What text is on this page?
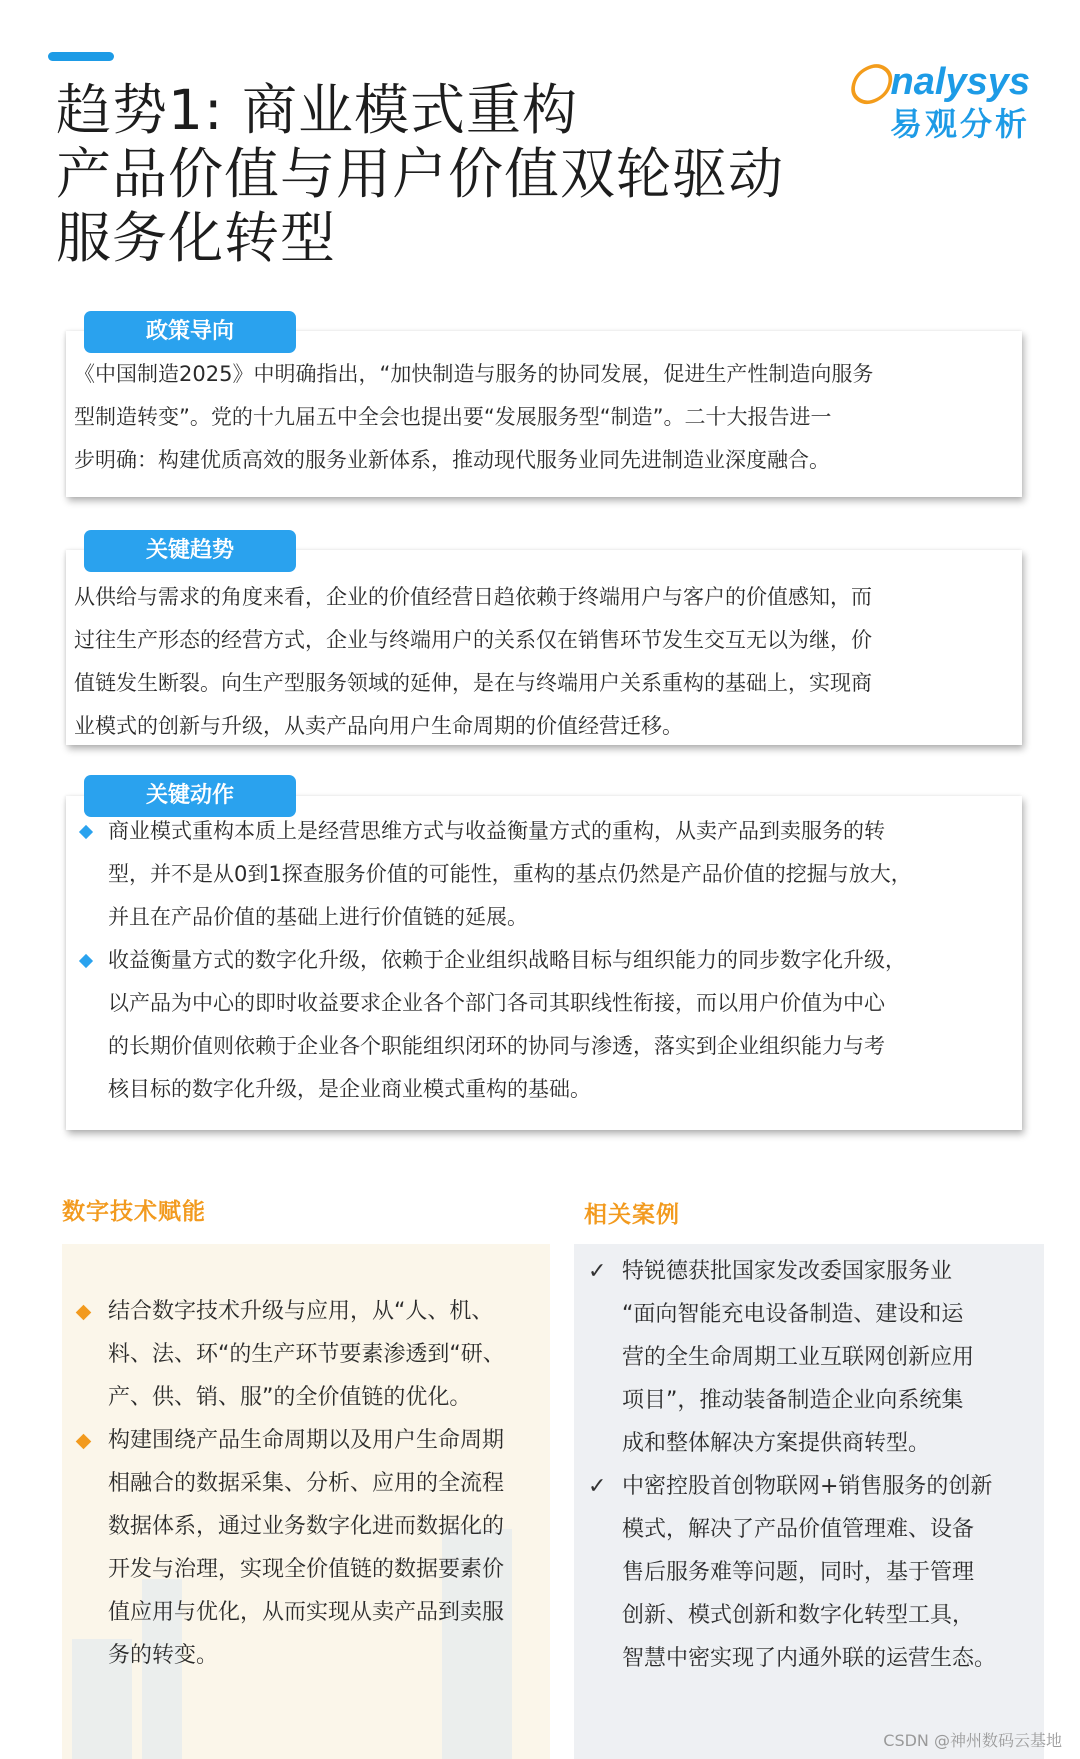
趋势1: 商业模式重构
产品价值与用户价值双轮驱动
服务化转型
◯nalysys
易观分析
政策导向

《中国制造2025》中明确指出，“加快制造与服务的协同发展，促进生产性制造向服务

型制造转变”。党的十九届五中全会也提出要“发展服务型“制造”。二十大报告进一

步明确：构建优质高效的服务业新体系，推动现代服务业同先进制造业深度融合。

关键趋势

从供给与需求的角度来看，企业的价值经营日趋依赖于终端用户与客户的价值感知，而

过往生产形态的经营方式，企业与终端用户的关系仅在销售环节发生交互无以为继，价

值链发生断裂。向生产型服务领域的延伸，是在与终端用户关系重构的基础上，实现商

业模式的创新与升级，从卖产品向用户生命周期的价值经营迁移。

关键动作
商业模式重构本质上是经营思维方式与收益衡量方式的重构，从卖产品到卖服务的转
型，并不是从0到1探查服务价值的可能性，重构的基点仍然是产品价值的挖掘与放大，
并且在产品价值的基础上进行价值链的延展。
收益衡量方式的数字化升级，依赖于企业组织战略目标与组织能力的同步数字化升级，
以产品为中心的即时收益要求企业各个部门各司其职线性衔接，而以用户价值为中心
的长期价值则依赖于企业各个职能组织闭环的协同与渗透，落实到企业组织能力与考
核目标的数字化升级，是企业商业模式重构的基础。
数字技术赋能	相关案例
结合数字技术升级与应用，从“人、机、
料、法、环“的生产环节要素渗透到“研、
产、供、销、服”的全价值链的优化。
构建围绕产品生命周期以及用户生命周期
相融合的数据采集、分析、应用的全流程
数据体系，通过业务数字化进而数据化的
开发与治理，实现全价值链的数据要素价
值应用与优化，从而实现从卖产品到卖服
务的转变。
✓ 特锐德获批国家发改委国家服务业
“面向智能充电设备制造、建设和运
营的全生命周期工业互联网创新应用
项目”，推动装备制造企业向系统集
成和整体解决方案提供商转型。
✓ 中密控股首创物联网+销售服务的创新
模式，解决了产品价值管理难、设备
售后服务难等问题，同时，基于管理
创新、模式创新和数字化转型工具，
智慧中密实现了内通外联的运营生态。
CSDN @神州数码云基地
